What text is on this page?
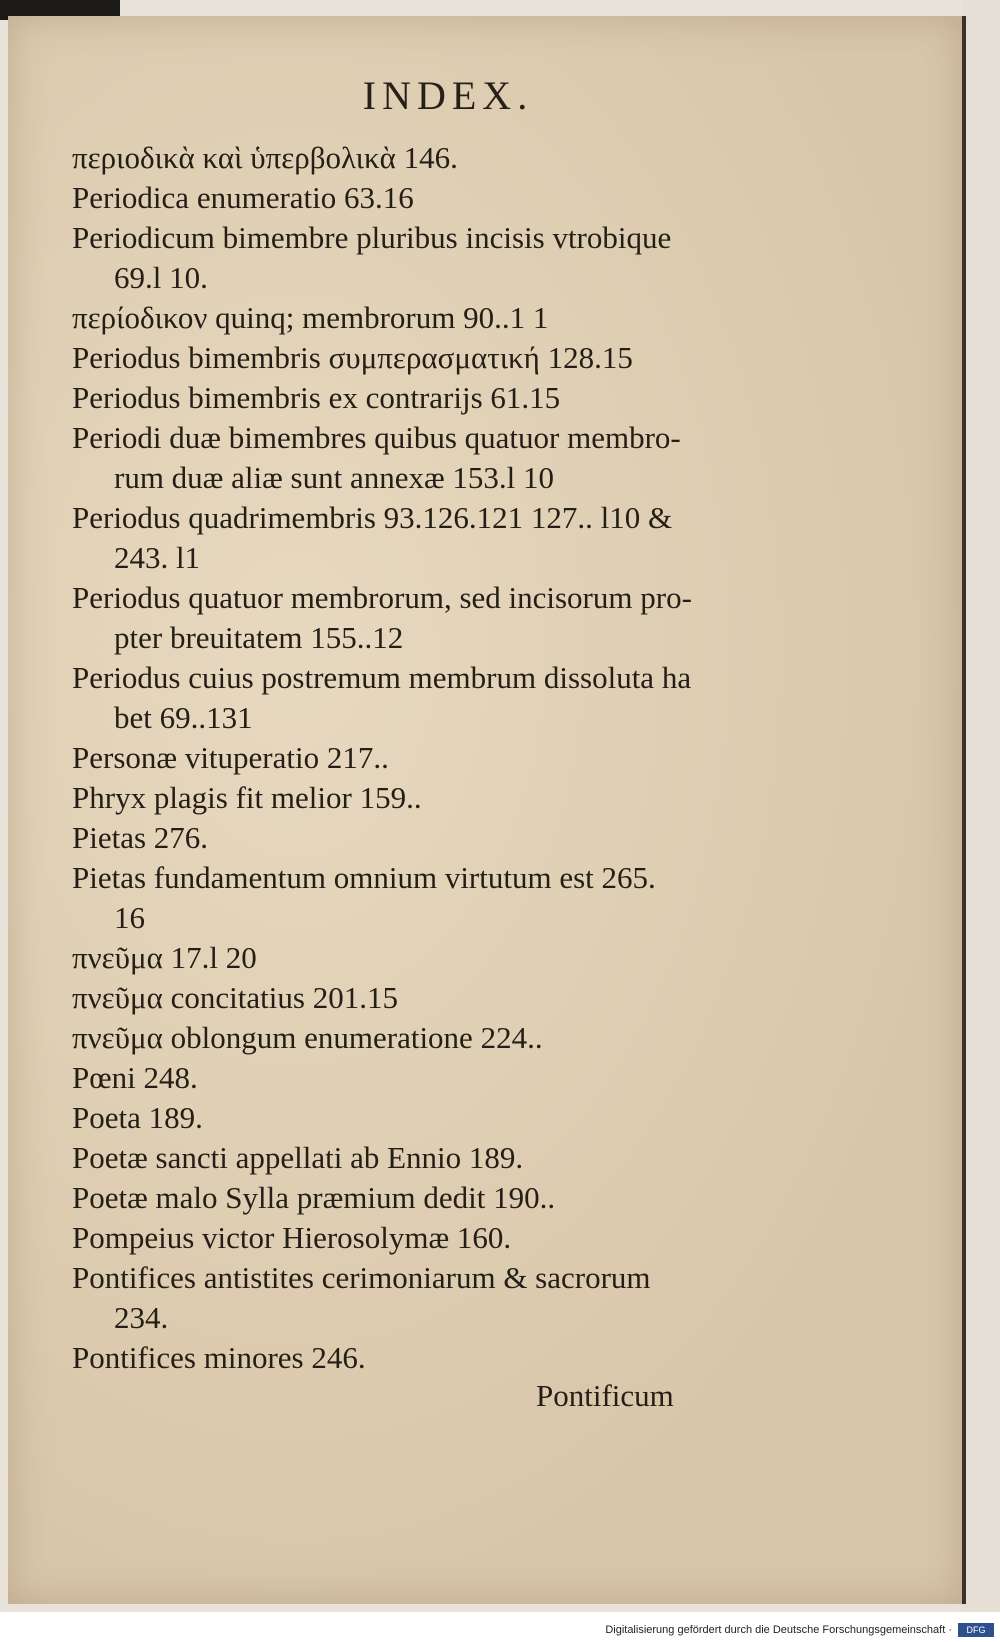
INDEX.
περιοδικὰ καὶ ὑπερβολικὰ 146.
Periodica enumeratio 63.16
Periodicum bimembre pluribus incisis vtrobique
69.l 10.
περίοδικον quinq; membrorum 90..1 1
Periodus bimembris συμπερασματική 128.15
Periodus bimembris ex contrarijs 61.15
Periodi duæ bimembres quibus quatuor membro-
rum duæ aliæ sunt annexæ 153.l 10
Periodus quadrimembris 93.126.121 127.. l10 &
243. l1
Periodus quatuor membrorum, sed incisorum pro-
pter breuitatem 155..12
Periodus cuius postremum membrum dissoluta ha
bet 69..131
Personæ vituperatio 217..
Phryx plagis fit melior 159..
Pietas 276.
Pietas fundamentum omnium virtutum est 265.
16
πνεῦμα 17.l 20
πνεῦμα concitatius 201.15
πνεῦμα oblongum enumeratione 224..
Pœni 248.
Poeta 189.
Poetæ sancti appellati ab Ennio 189.
Poetæ malo Sylla præmium dedit 190..
Pompeius victor Hierosolymæ 160.
Pontifices antistites cerimoniarum & sacrorum
234.
Pontifices minores 246.
Pontificum
Digitalisierung gefördert durch die Deutsche Forschungsgemeinschaft ·	DFG
